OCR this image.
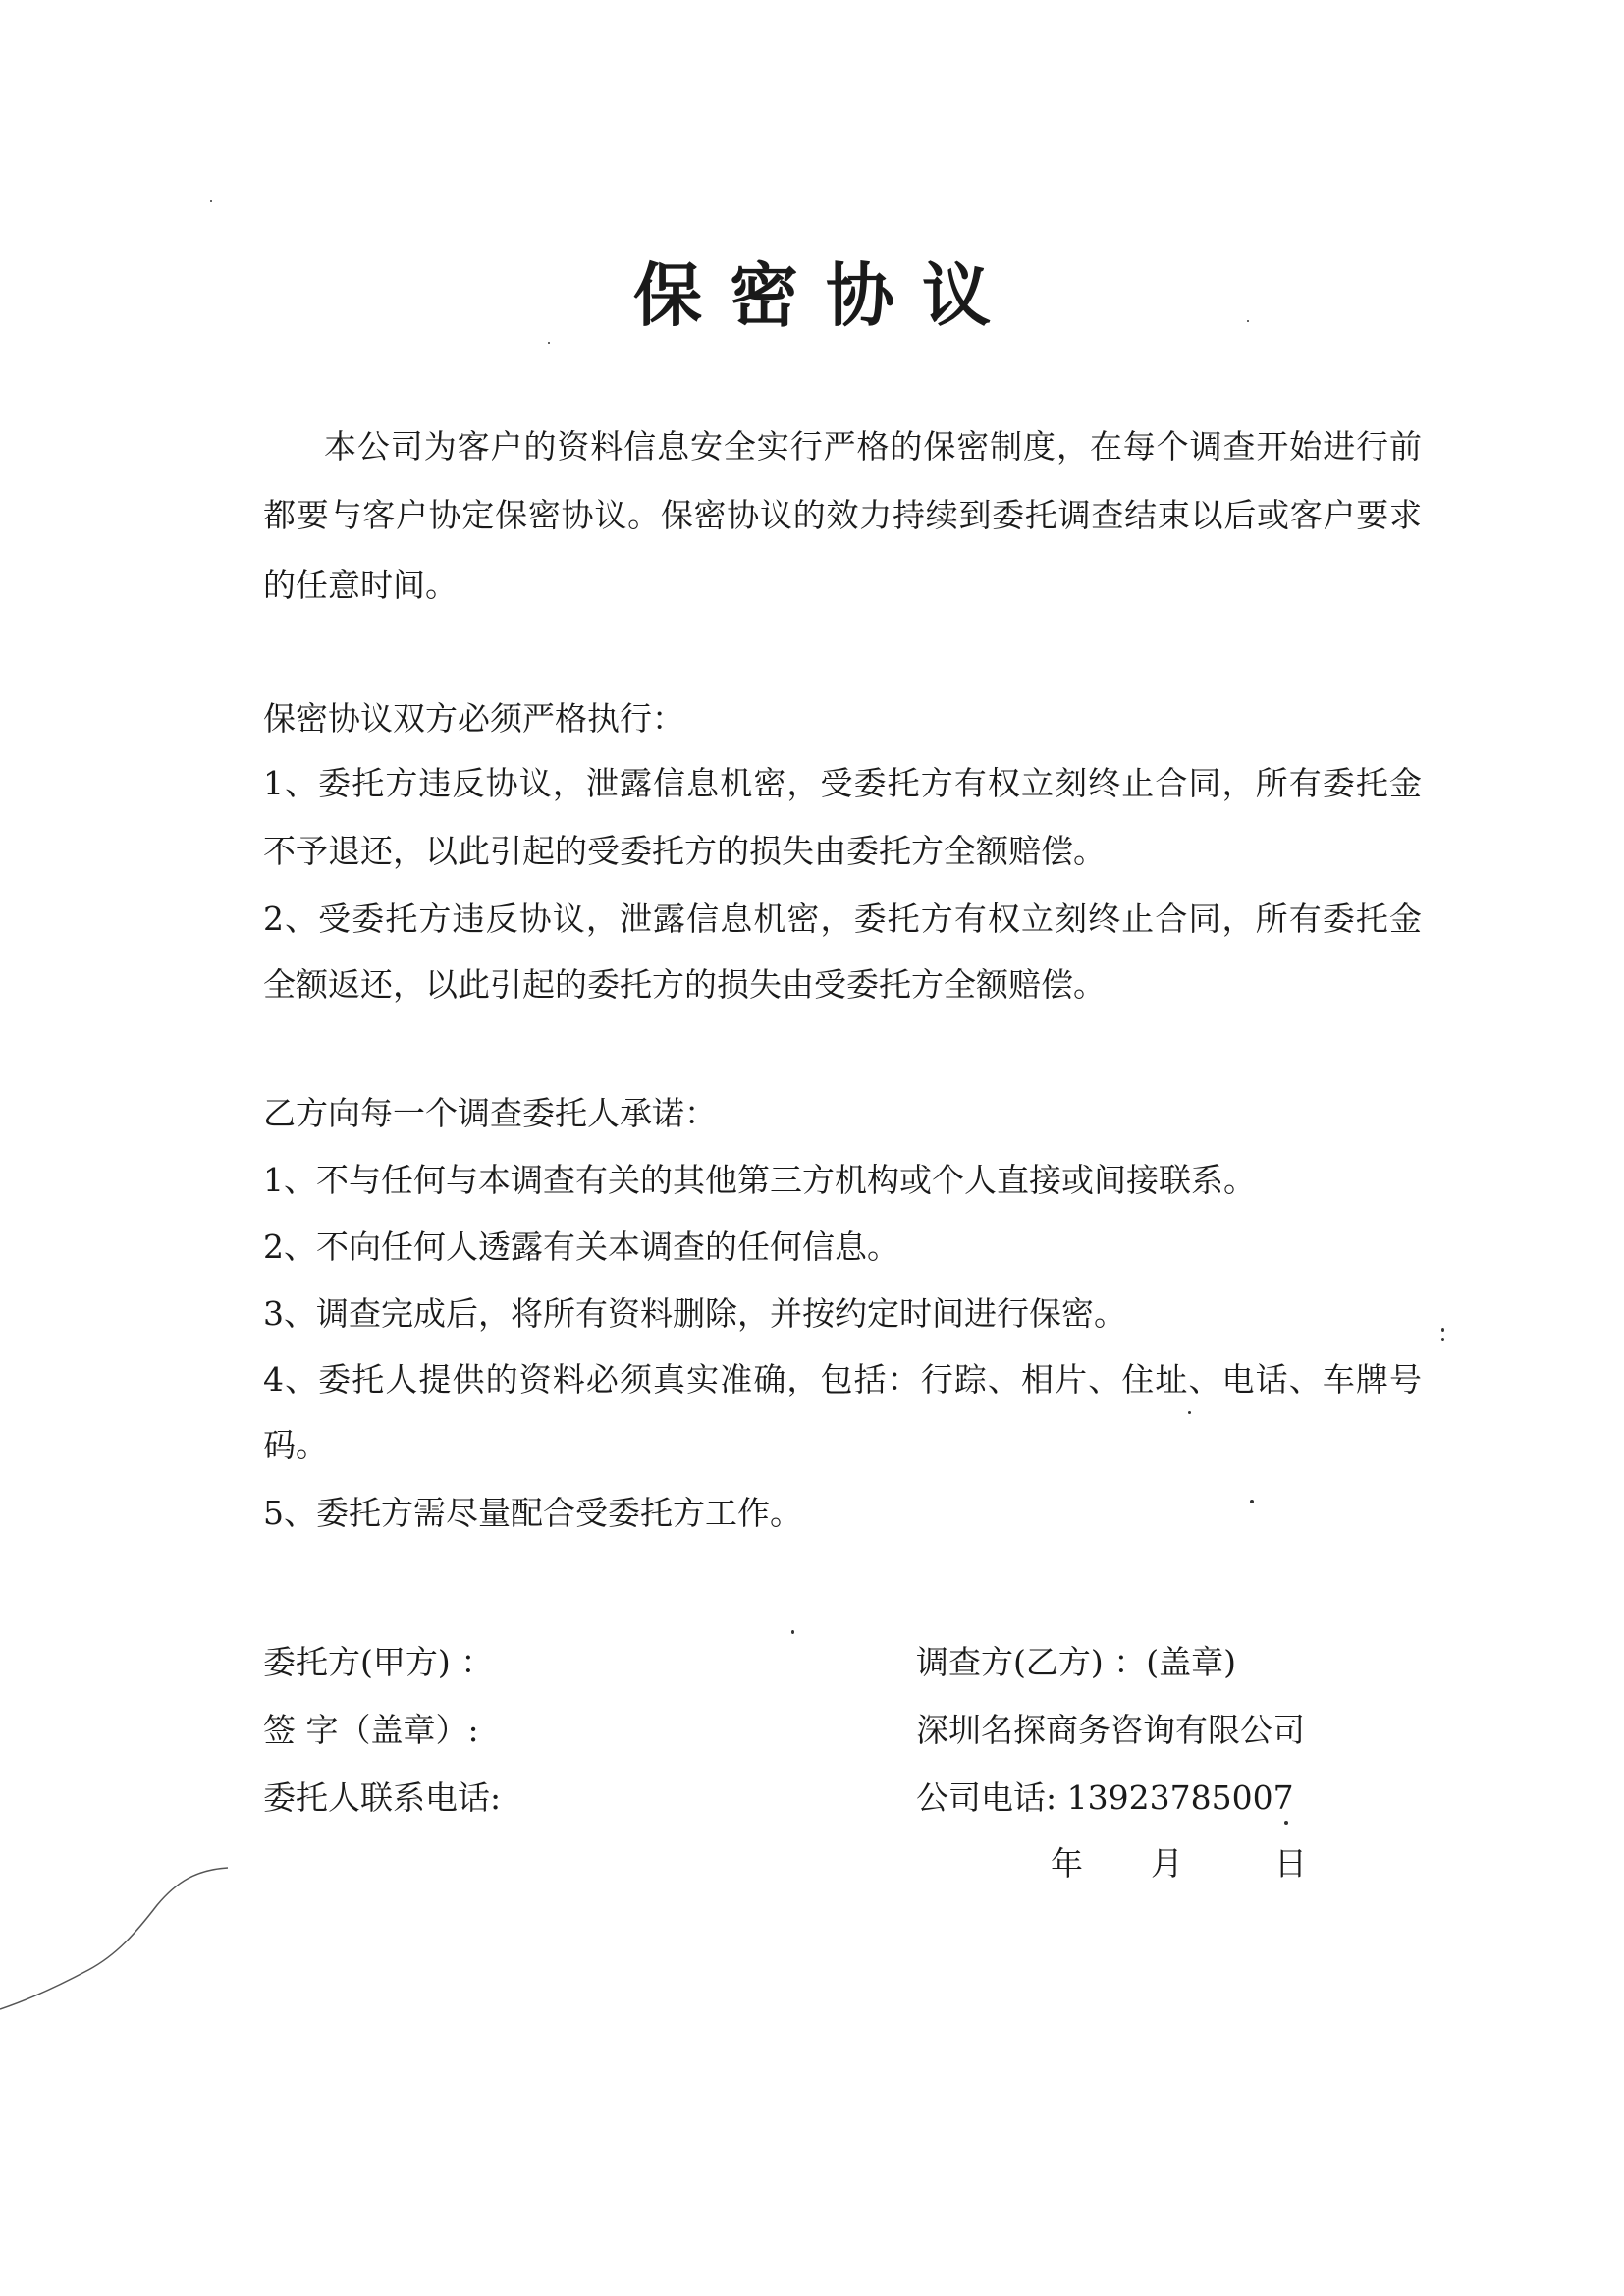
保密协议
本公司为客户的资料信息安全实行严格的保密制度，在每个调查开始进行前
都要与客户协定保密协议。保密协议的效力持续到委托调查结束以后或客户要求
的任意时间。
保密协议双方必须严格执行：
1、委托方违反协议，泄露信息机密，受委托方有权立刻终止合同，所有委托金
不予退还，以此引起的受委托方的损失由委托方全额赔偿。
2、受委托方违反协议，泄露信息机密，委托方有权立刻终止合同，所有委托金
全额返还，以此引起的委托方的损失由受委托方全额赔偿。
乙方向每一个调查委托人承诺：
1、不与任何与本调查有关的其他第三方机构或个人直接或间接联系。
2、不向任何人透露有关本调查的任何信息。
3、调查完成后，将所有资料删除，并按约定时间进行保密。
4、委托人提供的资料必须真实准确，包括：行踪、相片、住址、电话、车牌号
码。
5、委托方需尽量配合受委托方工作。
委托方(甲方) ：
签 字（盖章）:
委托人联系电话:
调查方(乙方) ：(盖章)
深圳名探商务咨询有限公司
公司电话: 13923785007
年 月	日
